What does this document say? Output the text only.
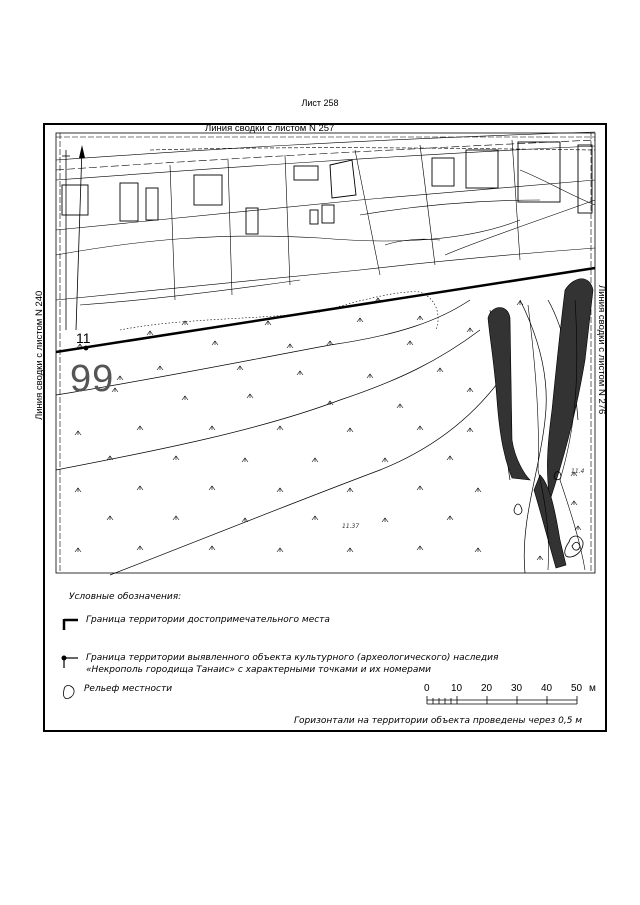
Лист 258
Линия сводки с листом N 257
Линия сводки с листом N 240	Линия сводки с листом N 276
11
99
11.37
11.4
Условные обозначения:
Граница территории достопримечательного места
Граница территории выявленного объекта культурного (археологического) наследия
«Некрополь городища Танаис» с характерными точками и их номерами
Рельеф местности
Горизонтали на территории объекта проведены через 0,5 м
0 10 20 30 40 50 м
